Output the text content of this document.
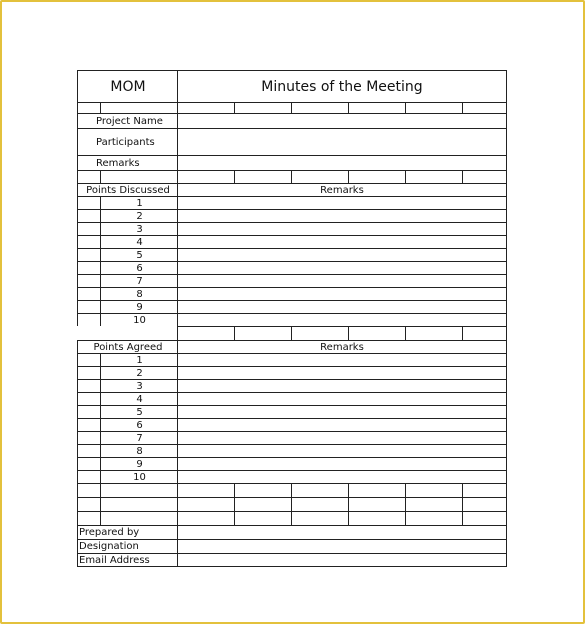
MOM	Minutes of the Meeting
Project Name
Participants
Remarks
Points Discussed	Remarks
1
2
3
4
5
6
7
8
9
10
Points Agreed	Remarks
1
2
3
4
5
6
7
8
9
10
Prepared by
Designation
Email Address
